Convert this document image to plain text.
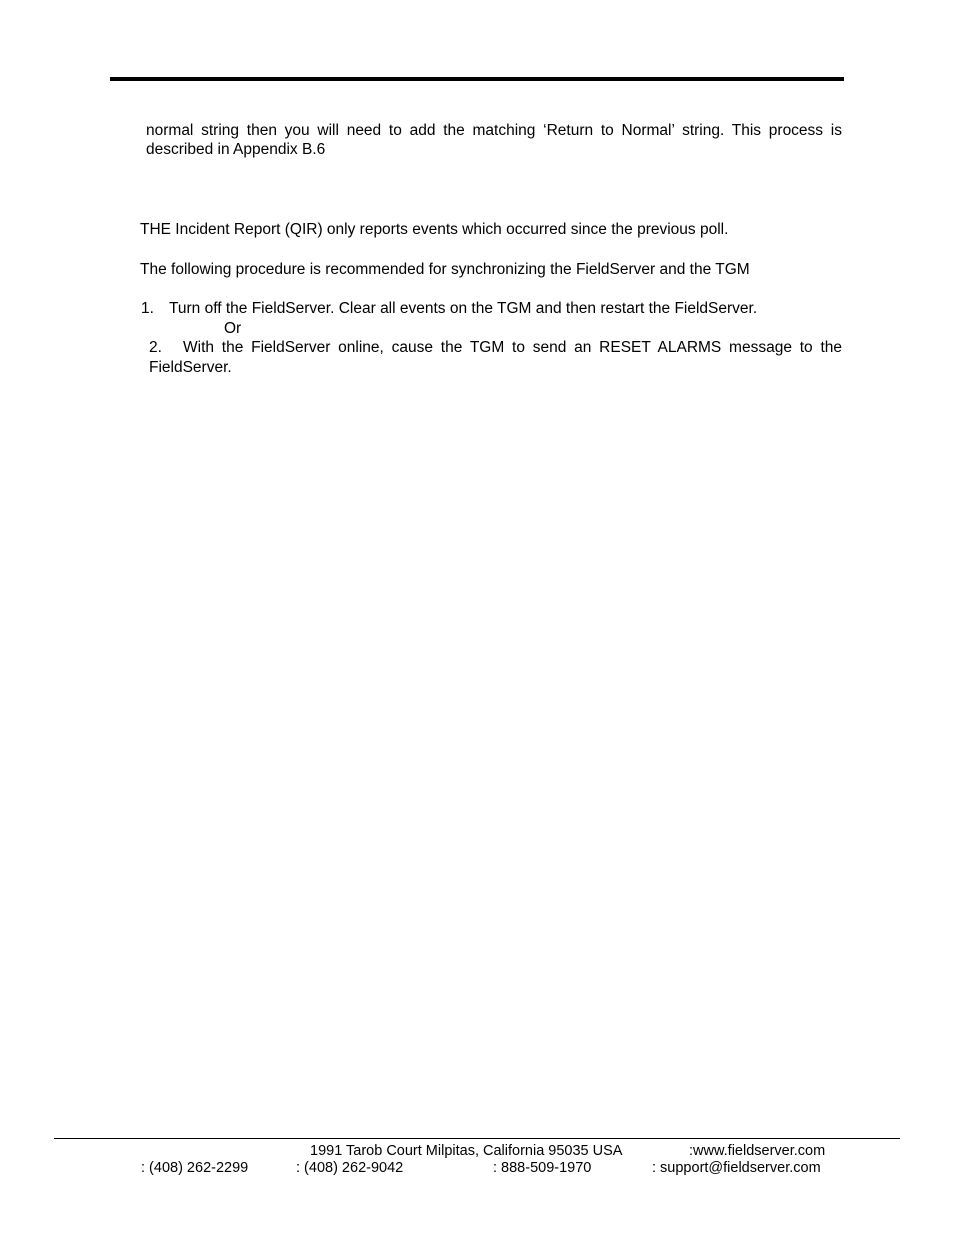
normal string then you will need to add the matching ‘Return to Normal’ string. This process is described in Appendix B.6
THE Incident Report (QIR) only reports events which occurred since the previous poll.
The following procedure is recommended for synchronizing the FieldServer and the TGM
1. Turn off the FieldServer. Clear all events on the TGM and then restart the FieldServer.
Or
2. With the FieldServer online, cause the TGM to send an RESET ALARMS message to the FieldServer.
1991 Tarob Court Milpitas, California 95035 USA	:www.fieldserver.com
: (408) 262-2299	: (408) 262-9042	: 888-509-1970	: support@fieldserver.com
